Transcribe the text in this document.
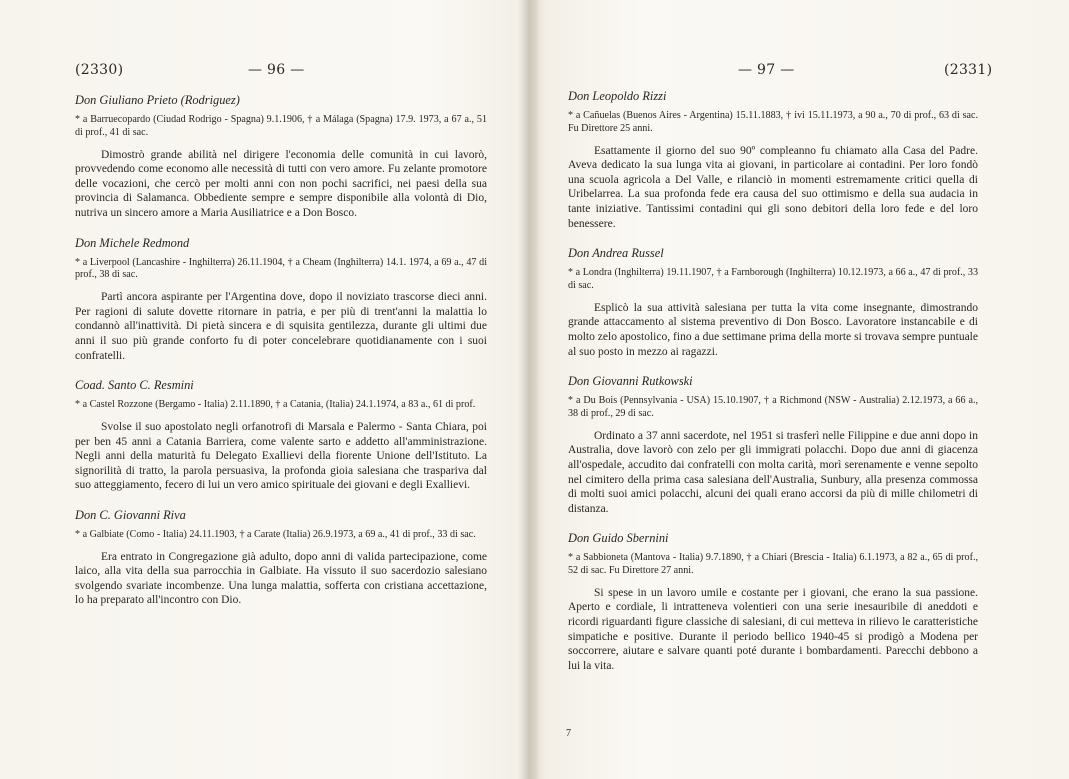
(2330)	— 96 —

Don Giuliano Prieto (Rodriguez)

* a Barruecopardo (Ciudad Rodrigo - Spagna) 9.1.1906, † a Málaga (Spagna) 17.9. 1973, a 67 a., 51 di prof., 41 di sac.

Dimostrò grande abilità nel dirigere l'economia delle comunità in cui lavorò, provvedendo come economo alle necessità di tutti con vero amore. Fu zelante promotore delle vocazioni, che cercò per molti anni con non pochi sacrifici, nei paesi della sua provincia di Salamanca. Obbediente sempre e sempre disponibile alla volontà di Dio, nutriva un sincero amore a Maria Ausiliatrice e a Don Bosco.

Don Michele Redmond

* a Liverpool (Lancashire - Inghilterra) 26.11.1904, † a Cheam (Inghilterra) 14.1. 1974, a 69 a., 47 di prof., 38 di sac.

Partì ancora aspirante per l'Argentina dove, dopo il noviziato trascorse dieci anni. Per ragioni di salute dovette ritornare in patria, e per più di trent'anni la malattia lo condannò all'inattività. Di pietà sincera e di squisita gentilezza, durante gli ultimi due anni il suo più grande conforto fu di poter concelebrare quotidianamente con i suoi confratelli.

Coad. Santo C. Resmini

* a Castel Rozzone (Bergamo - Italia) 2.11.1890, † a Catania, (Italia) 24.1.1974, a 83 a., 61 di prof.

Svolse il suo apostolato negli orfanotrofi di Marsala e Palermo - Santa Chiara, poi per ben 45 anni a Catania Barriera, come valente sarto e addetto all'amministrazione. Negli anni della maturità fu Delegato Exallievi della fiorente Unione dell'Istituto. La signorilità di tratto, la parola persuasiva, la profonda gioia salesiana che traspariva dal suo atteggiamento, fecero di lui un vero amico spirituale dei giovani e degli Exallievi.

Don C. Giovanni Riva

* a Galbiate (Como - Italia) 24.11.1903, † a Carate (Italia) 26.9.1973, a 69 a., 41 di prof., 33 di sac.

Era entrato in Congregazione già adulto, dopo anni di valida partecipazione, come laico, alla vita della sua parrocchia in Galbiate. Ha vissuto il suo sacerdozio salesiano svolgendo svariate incombenze. Una lunga malattia, sofferta con cristiana accettazione, lo ha preparato all'incontro con Dio.

— 97 —	(2331)

Don Leopoldo Rizzi

* a Cañuelas (Buenos Aires - Argentina) 15.11.1883, † ivi 15.11.1973, a 90 a., 70 di prof., 63 di sac. Fu Direttore 25 anni.

Esattamente il giorno del suo 90º compleanno fu chiamato alla Casa del Padre. Aveva dedicato la sua lunga vita ai giovani, in particolare ai contadini. Per loro fondò una scuola agricola a Del Valle, e rilanciò in momenti estremamente critici quella di Uribelarrea. La sua profonda fede era causa del suo ottimismo e della sua audacia in tante iniziative. Tantissimi contadini qui gli sono debitori della loro fede e del loro benessere.

Don Andrea Russel

* a Londra (Inghilterra) 19.11.1907, † a Farnborough (Inghilterra) 10.12.1973, a 66 a., 47 di prof., 33 di sac.

Esplicò la sua attività salesiana per tutta la vita come insegnante, dimostrando grande attaccamento al sistema preventivo di Don Bosco. Lavoratore instancabile e di molto zelo apostolico, fino a due settimane prima della morte si trovava sempre puntuale al suo posto in mezzo ai ragazzi.

Don Giovanni Rutkowski

* a Du Bois (Pennsylvania - USA) 15.10.1907, † a Richmond (NSW - Australia) 2.12.1973, a 66 a., 38 di prof., 29 di sac.

Ordinato a 37 anni sacerdote, nel 1951 si trasferì nelle Filippine e due anni dopo in Australia, dove lavorò con zelo per gli immigrati polacchi. Dopo due anni di giacenza all'ospedale, accudito dai confratelli con molta carità, morì serenamente e venne sepolto nel cimitero della prima casa salesiana dell'Australia, Sunbury, alla presenza commossa di molti suoi amici polacchi, alcuni dei quali erano accorsi da più di mille chilometri di distanza.

Don Guido Sbernini

* a Sabbioneta (Mantova - Italia) 9.7.1890, † a Chiari (Brescia - Italia) 6.1.1973, a 82 a., 65 di prof., 52 di sac. Fu Direttore 27 anni.

Si spese in un lavoro umile e costante per i giovani, che erano la sua passione. Aperto e cordiale, li intratteneva volentieri con una serie inesauribile di aneddoti e ricordi riguardanti figure classiche di salesiani, di cui metteva in rilievo le caratteristiche simpatiche e positive. Durante il periodo bellico 1940-45 si prodigò a Modena per soccorrere, aiutare e salvare quanti poté durante i bombardamenti. Parecchi debbono a lui la vita.

7
